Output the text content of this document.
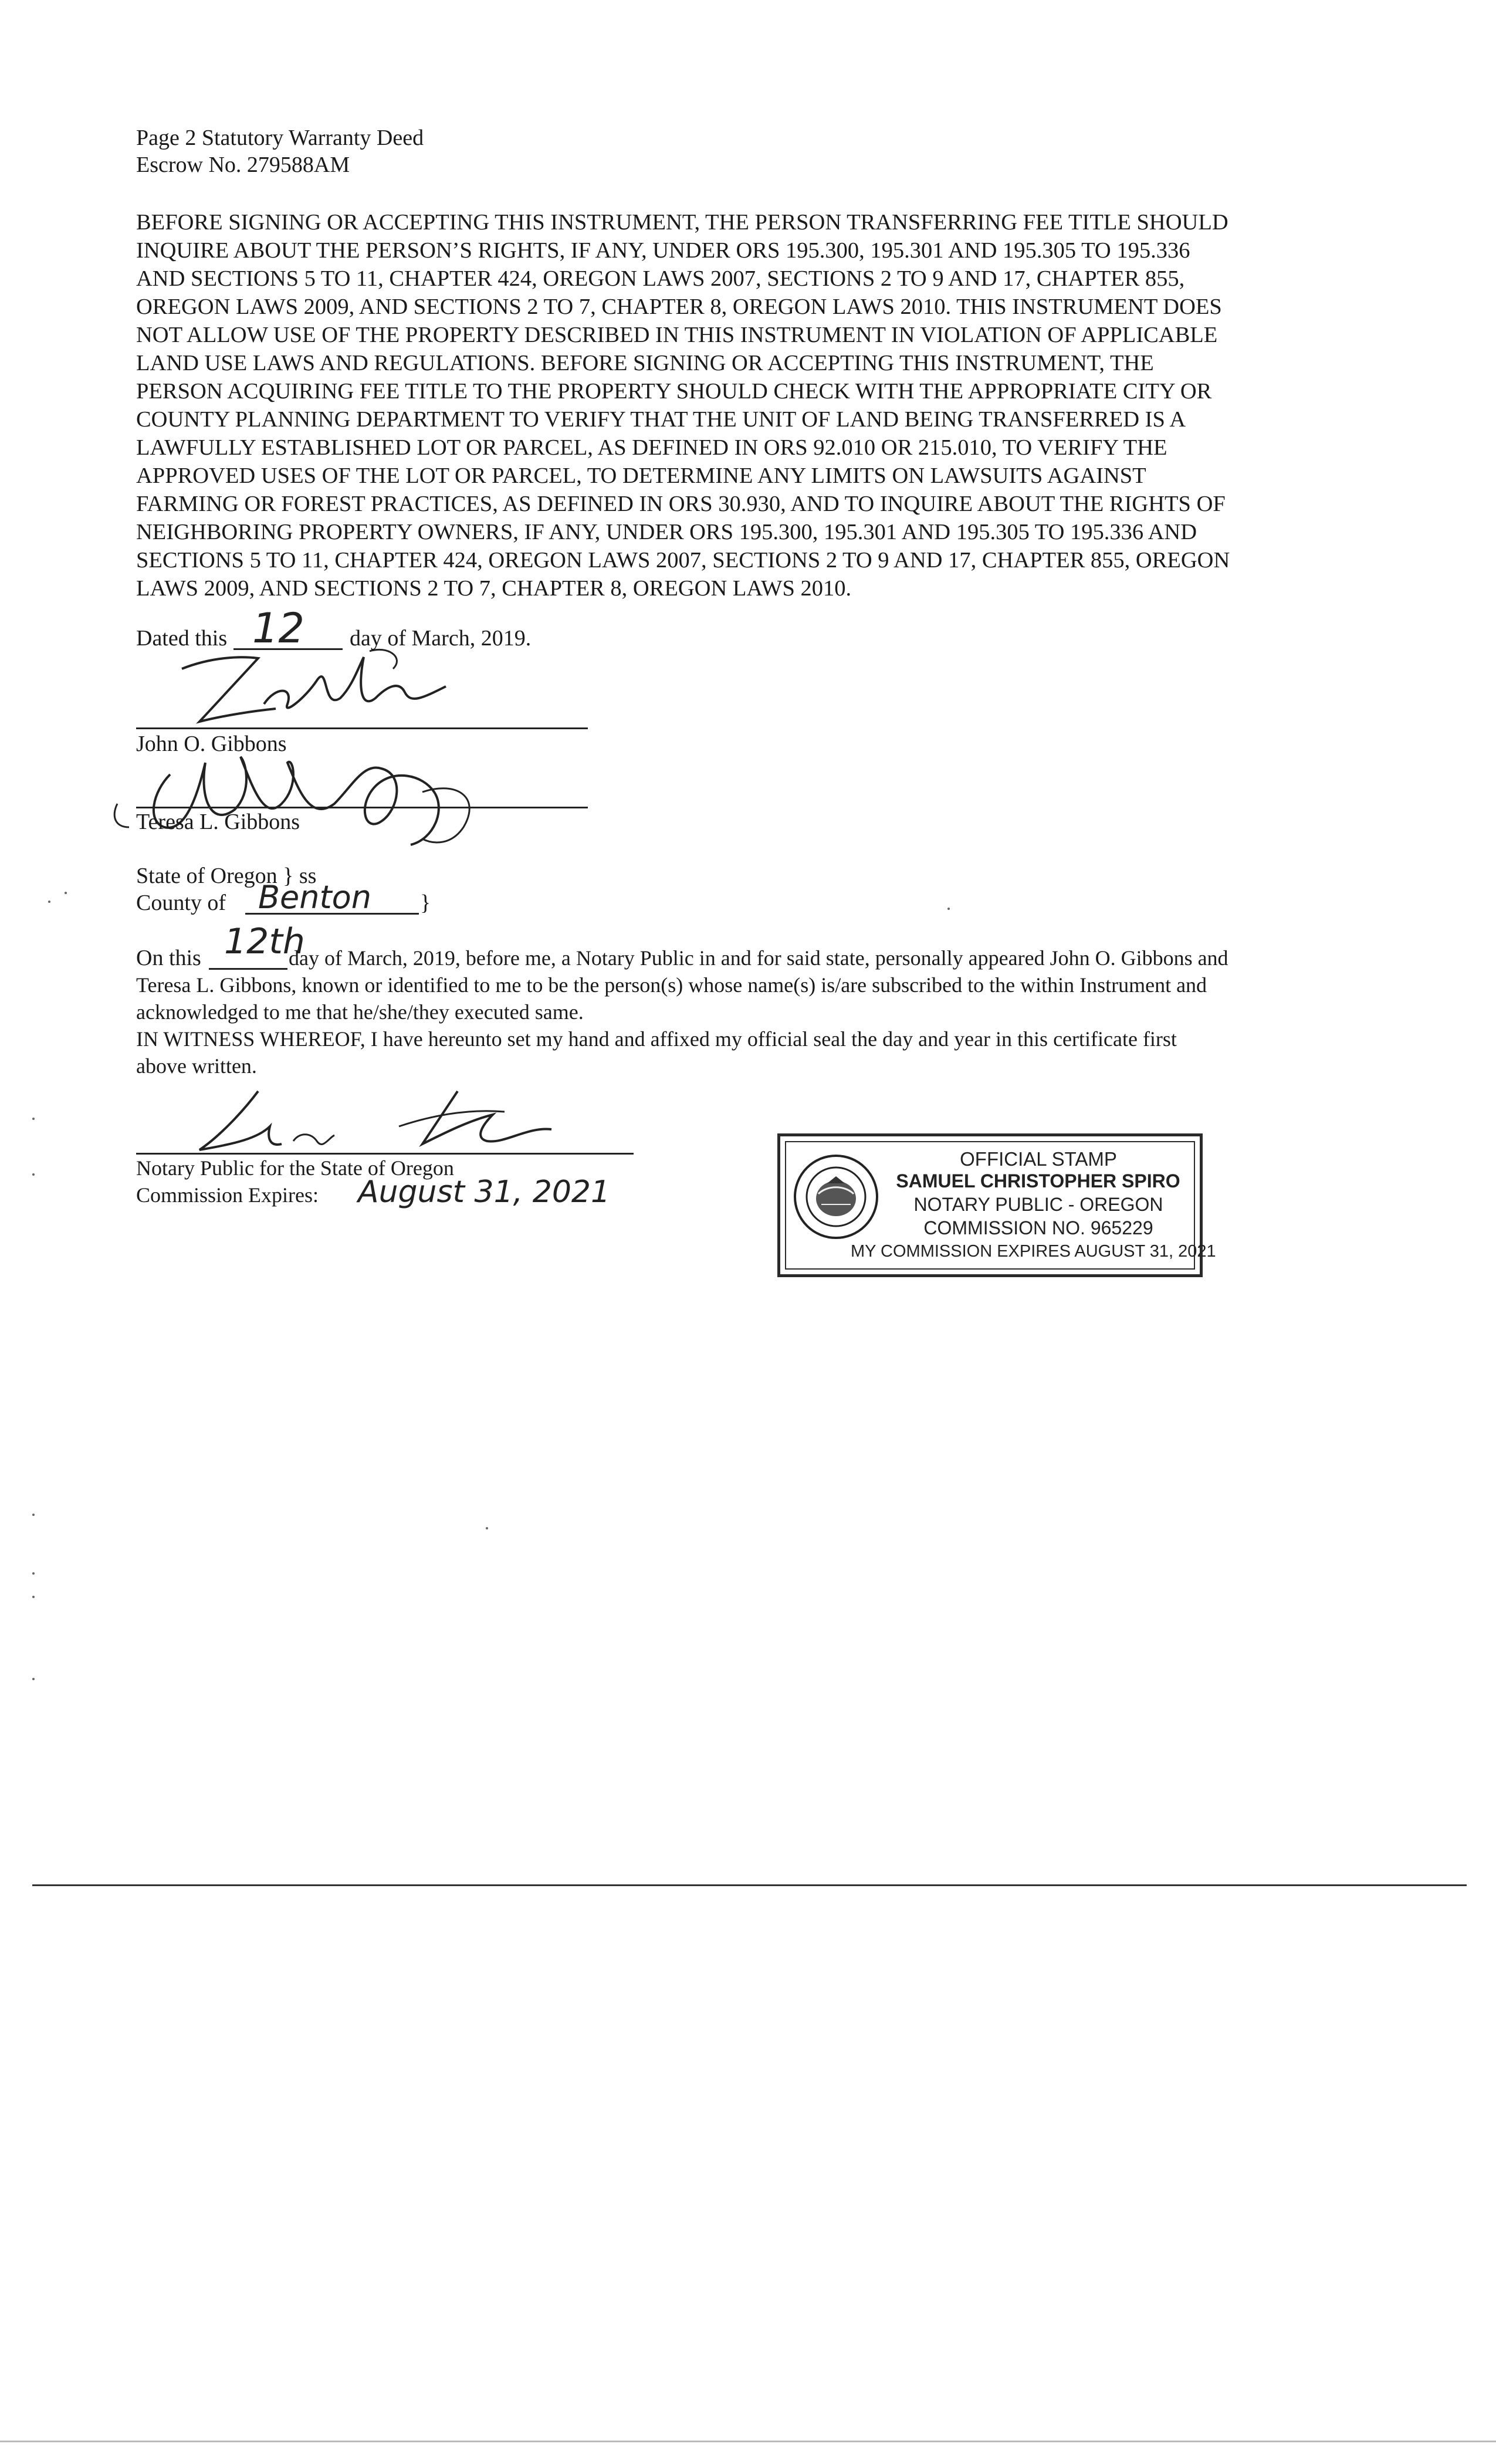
Page 2 Statutory Warranty Deed
Escrow No. 279588AM
BEFORE SIGNING OR ACCEPTING THIS INSTRUMENT, THE PERSON TRANSFERRING FEE TITLE SHOULD
INQUIRE ABOUT THE PERSON’S RIGHTS, IF ANY, UNDER ORS 195.300, 195.301 AND 195.305 TO 195.336
AND SECTIONS 5 TO 11, CHAPTER 424, OREGON LAWS 2007, SECTIONS 2 TO 9 AND 17, CHAPTER 855,
OREGON LAWS 2009, AND SECTIONS 2 TO 7, CHAPTER 8, OREGON LAWS 2010. THIS INSTRUMENT DOES
NOT ALLOW USE OF THE PROPERTY DESCRIBED IN THIS INSTRUMENT IN VIOLATION OF APPLICABLE
LAND USE LAWS AND REGULATIONS. BEFORE SIGNING OR ACCEPTING THIS INSTRUMENT, THE
PERSON ACQUIRING FEE TITLE TO THE PROPERTY SHOULD CHECK WITH THE APPROPRIATE CITY OR
COUNTY PLANNING DEPARTMENT TO VERIFY THAT THE UNIT OF LAND BEING TRANSFERRED IS A
LAWFULLY ESTABLISHED LOT OR PARCEL, AS DEFINED IN ORS 92.010 OR 215.010, TO VERIFY THE
APPROVED USES OF THE LOT OR PARCEL, TO DETERMINE ANY LIMITS ON LAWSUITS AGAINST
FARMING OR FOREST PRACTICES, AS DEFINED IN ORS 30.930, AND TO INQUIRE ABOUT THE RIGHTS OF
NEIGHBORING PROPERTY OWNERS, IF ANY, UNDER ORS 195.300, 195.301 AND 195.305 TO 195.336 AND
SECTIONS 5 TO 11, CHAPTER 424, OREGON LAWS 2007, SECTIONS 2 TO 9 AND 17, CHAPTER 855, OREGON
LAWS 2009, AND SECTIONS 2 TO 7, CHAPTER 8, OREGON LAWS 2010.
Dated this 12 day of March, 2019.
John O. Gibbons
Teresa L. Gibbons
State of Oregon } ss
County of Benton }
On this 12th
day of March, 2019, before me, a Notary Public in and for said state, personally appeared John O. Gibbons and
Teresa L. Gibbons, known or identified to me to be the person(s) whose name(s) is/are subscribed to the within Instrument and
acknowledged to me that he/she/they executed same.
IN WITNESS WHEREOF, I have hereunto set my hand and affixed my official seal the day and year in this certificate first
above written.
Notary Public for the State of Oregon
Commission Expires: August 31, 2021
OFFICIAL STAMP
SAMUEL CHRISTOPHER SPIRO
NOTARY PUBLIC - OREGON
COMMISSION NO. 965229
MY COMMISSION EXPIRES AUGUST 31, 2021
